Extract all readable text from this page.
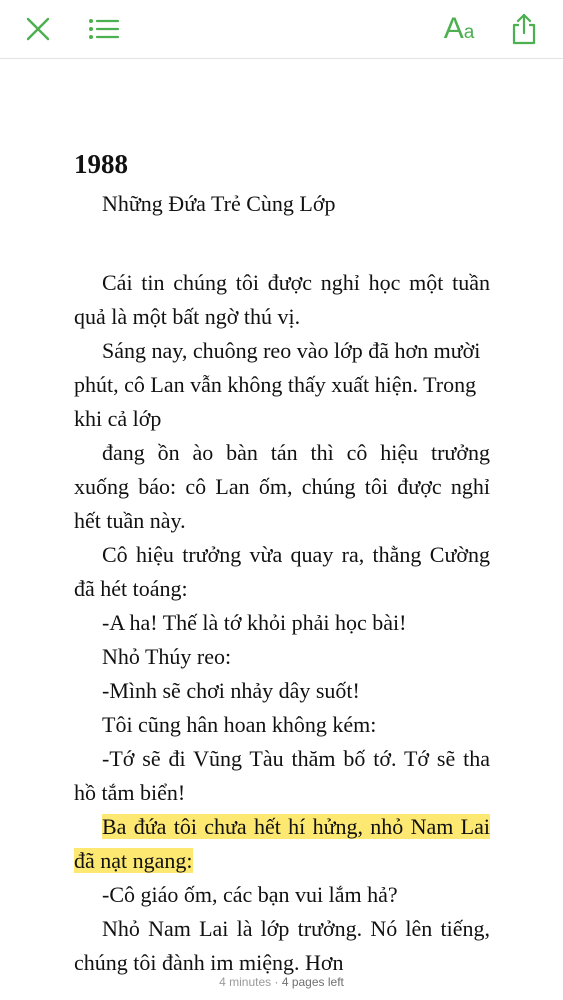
Aa
1988
Những Đứa Trẻ Cùng Lớp

Cái tin chúng tôi được nghỉ học một tuần quả là một bất ngờ thú vị.

Sáng nay, chuông reo vào lớp đã hơn mười phút, cô Lan vẫn không thấy xuất hiện. Trong khi cả lớp

đang ồn ào bàn tán thì cô hiệu trưởng xuống báo: cô Lan ốm, chúng tôi được nghỉ hết tuần này.

Cô hiệu trưởng vừa quay ra, thằng Cường đã hét toáng:

-A ha! Thế là tớ khỏi phải học bài!

Nhỏ Thúy reo:

-Mình sẽ chơi nhảy dây suốt!

Tôi cũng hân hoan không kém:

-Tớ sẽ đi Vũng Tàu thăm bố tớ. Tớ sẽ tha hồ tắm biển!

Ba đứa tôi chưa hết hí hửng, nhỏ Nam Lai đã nạt ngang:

-Cô giáo ốm, các bạn vui lắm hả?

Nhỏ Nam Lai là lớp trưởng. Nó lên tiếng, chúng tôi đành im miệng. Hơn

4 minutes · 4 pages left
